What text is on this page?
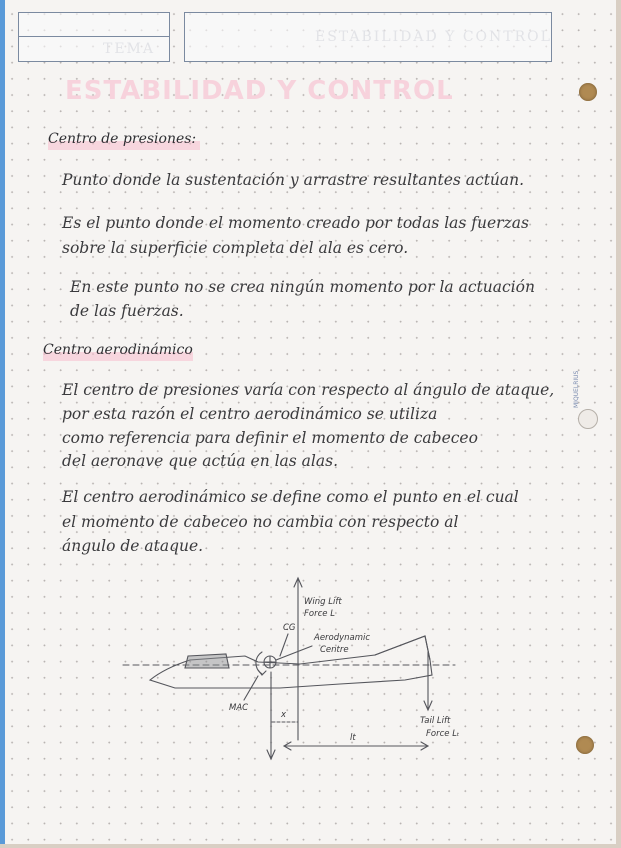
TEMA
ESTABILIDAD Y CONTROL
ESTABILIDAD Y CONTROL
MIQUELRIUS
Centro de presiones:
Punto donde la sustentación y arrastre resultantes actúan.
Es el punto donde el momento creado por todas las fuerzas
sobre la superficie completa del ala es cero.
En este punto no se crea ningún momento por la actuación
de las fuerzas.
Centro aerodinámico
El centro de presiones varía con respecto al ángulo de ataque,
por esta razón el centro aerodinámico se utiliza
como referencia para definir el momento de cabeceo
del aeronave que actúa en las alas.
El centro aerodinámico se define como el punto en el cual
el momento de cabeceo no cambia con respecto al
ángulo de ataque.
Wing Lift
Force L
CG
Aerodynamic
Centre
MAC
x
lt
Tail Lift
Force Lₜ
